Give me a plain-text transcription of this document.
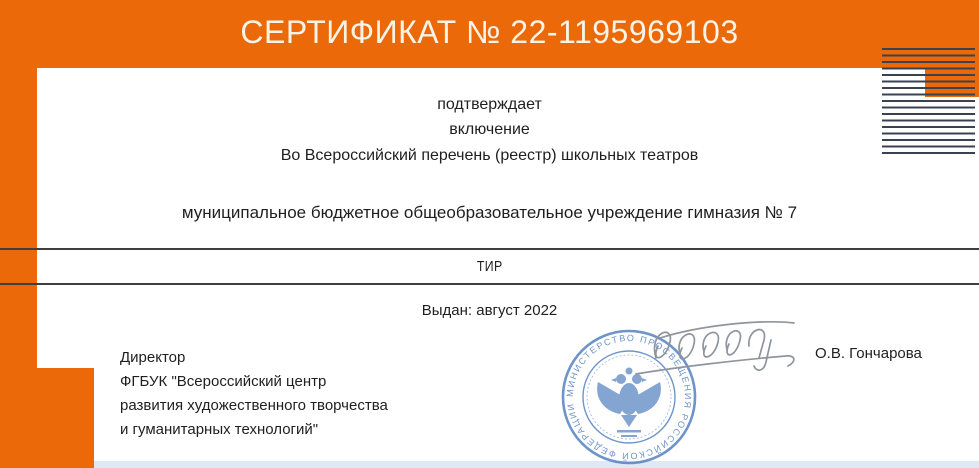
СЕРТИФИКАТ № 22-1195969103
подтверждает
включение
Во Всероссийский перечень (реестр) школьных театров
муниципальное бюджетное общеобразовательное учреждение гимназия № 7
ТИР
Выдан: август 2022
Директор
ФГБУК "Всероссийский центр
развития художественного творчества
и гуманитарных технологий"
МИНИСТЕРСТВО ПРОСВЕЩЕНИЯ РОССИЙСКОЙ ФЕДЕРАЦИИ
О.В. Гончарова
